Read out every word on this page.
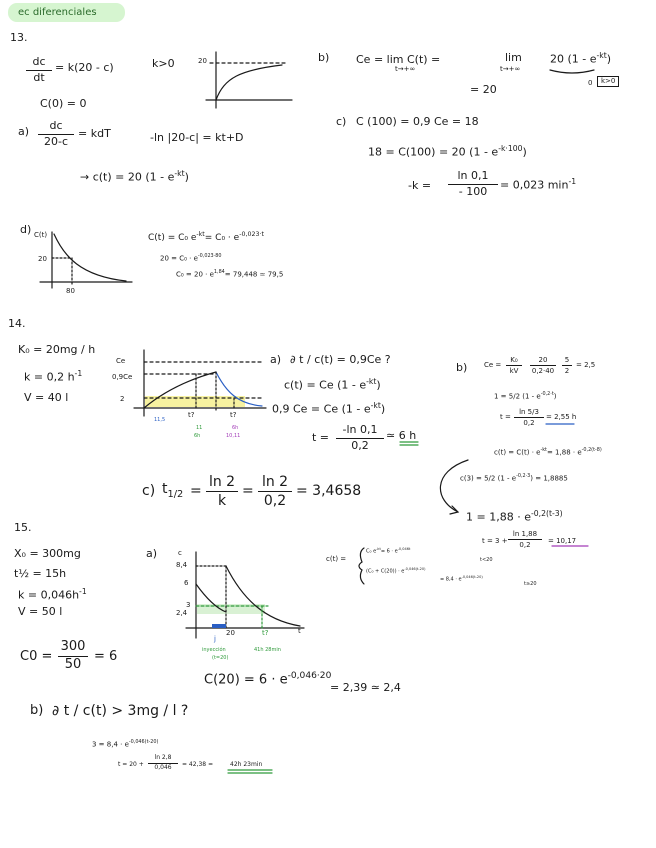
ec diferenciales
13.
$\frac{dc}{dt} = k(20 - c)$	k>0	20
C(0) = 0
$a) \frac{dc}{20-c}$ = kdT	-ln |20-c| = kt+D
→ c(t) = 20 $(1 - e^{-kt})$
b) Ce = lim C(t) =
t→+∞
lim
t→+∞
20 $(1 - e^{-kt})$
= 20	0	k>0
c) C (100) = 0,9 Ce = 18
18 = C(100) = 20 $(1 - e^{-k\cdot 100})$
$-k = \frac{\ln 0,1}{- 100} = 0,023$ $\min^{-1}$
d) C(t)
20
80
C(t) = C₀ $e^{-kt}= C_0 \cdot e^{-0,023\cdot t}$
$20 = C_0 \cdot e^{-0,023\cdot 80}$
$C_0 = 20 \cdot e^{1,84}= 79,448$ ≃ 79,5
14.
K₀ = 20mg / h
k = 0,2 $h^{-1}$
V = 40 l
Ce
0,9Ce
2
t?	t?
11,5
11
6h
6h
10,11
a) ∂ t / c(t) = 0,9Ce ?
c(t) = Ce $(1 - e^{-kt})$
0,9 Ce = Ce $(1 - e^{-kt})$
$t = \frac{-\ln 0,1}{0,2}$ ≃ 6 h
b) $Ce = \frac{\text{K₀}}{kV} \frac{20}{0,2\cdot 40} \frac{5}{2} = 2,5$
1 = 5/2 $(1 - e^{-0,2\cdot t})$
$t = \frac{\ln 5/3}{0,2} = 2,55$ h
$c(t) = C(t) \cdot e^{-kt}= 1,88 \cdot e^{-0,2(t-8)}$
c(3) = 5/2 $(1 - e^{-0,2\cdot 3}) = 1,8885$
$1 = 1,88 \cdot e^{-0,2(t-3)}$
$t = 3 + \frac{\ln 1,88}{0,2} = 10,17$
c) $t_{1/2} = \frac{\ln 2}{k} = \frac{\ln 2}{0,2} = 3,4658$
15.
X₀ = 300mg
t½ = 15h
$k = 0,046h^{-1}$
V = 50 l
$C0 = \frac{300}{50} = 6$
a)	c
8,4
6
3
2,4
t
20
j
t?
inyección
(t=20)
41h 28min
c(t) =
C₀ $e^{-kt}= 6 \cdot e^{-0,046t}$
t<20
$(C_0 + C(20)) \cdot e^{-0,046(t-20)}$
= $8,4 \cdot e^{-0,046(t-20)}$
t≥20
$C(20) = 6 \cdot e^{-0,046\cdot 20}$
= 2,39 ≃ 2,4
b) ∂ t / c(t) > 3mg / l ?
$3 = 8,4 \cdot e^{-0,046(t-20)}$
$t = 20 + \frac{\ln 2,8}{0,046} = 42,38$ ≃	42h 23min
